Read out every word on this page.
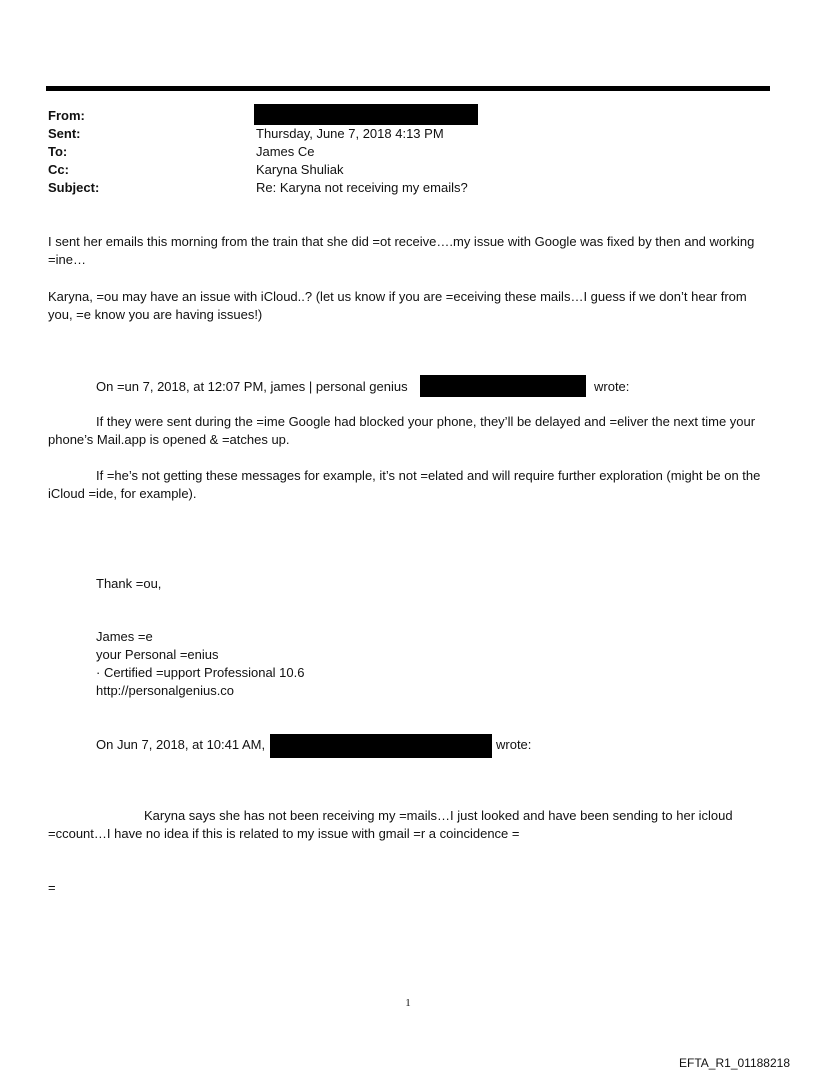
From:
Sent:	Thursday, June 7, 2018 4:13 PM
To:	James Ce
Cc:	Karyna Shuliak
Subject:	Re: Karyna not receiving my emails?
I sent her emails this morning from the train that she did =ot receive….my issue with Google was fixed by then and working =ine…
Karyna, =ou may have an issue with iCloud..? (let us know if you are =eceiving these mails…I guess if we don’t hear from you, =e know you are having issues!)
On =un 7, 2018, at 12:07 PM, james | personal genius	wrote:
If they were sent during the =ime Google had blocked your phone, they’ll be delayed and =eliver the next time your phone’s Mail.app is opened & =atches up.
If =he’s not getting these messages for example, it’s not =elated and will require further exploration (might be on the iCloud =ide, for example).
Thank =ou,
James =e
your Personal =enius
· Certified =upport Professional 10.6
http://personalgenius.co
On Jun 7, 2018, at 10:41 AM,	wrote:
Karyna says she has not been receiving my =mails…I just looked and have been sending to her icloud =ccount…I have no idea if this is related to my issue with gmail =r a coincidence =
=
1
EFTA_R1_01188218
